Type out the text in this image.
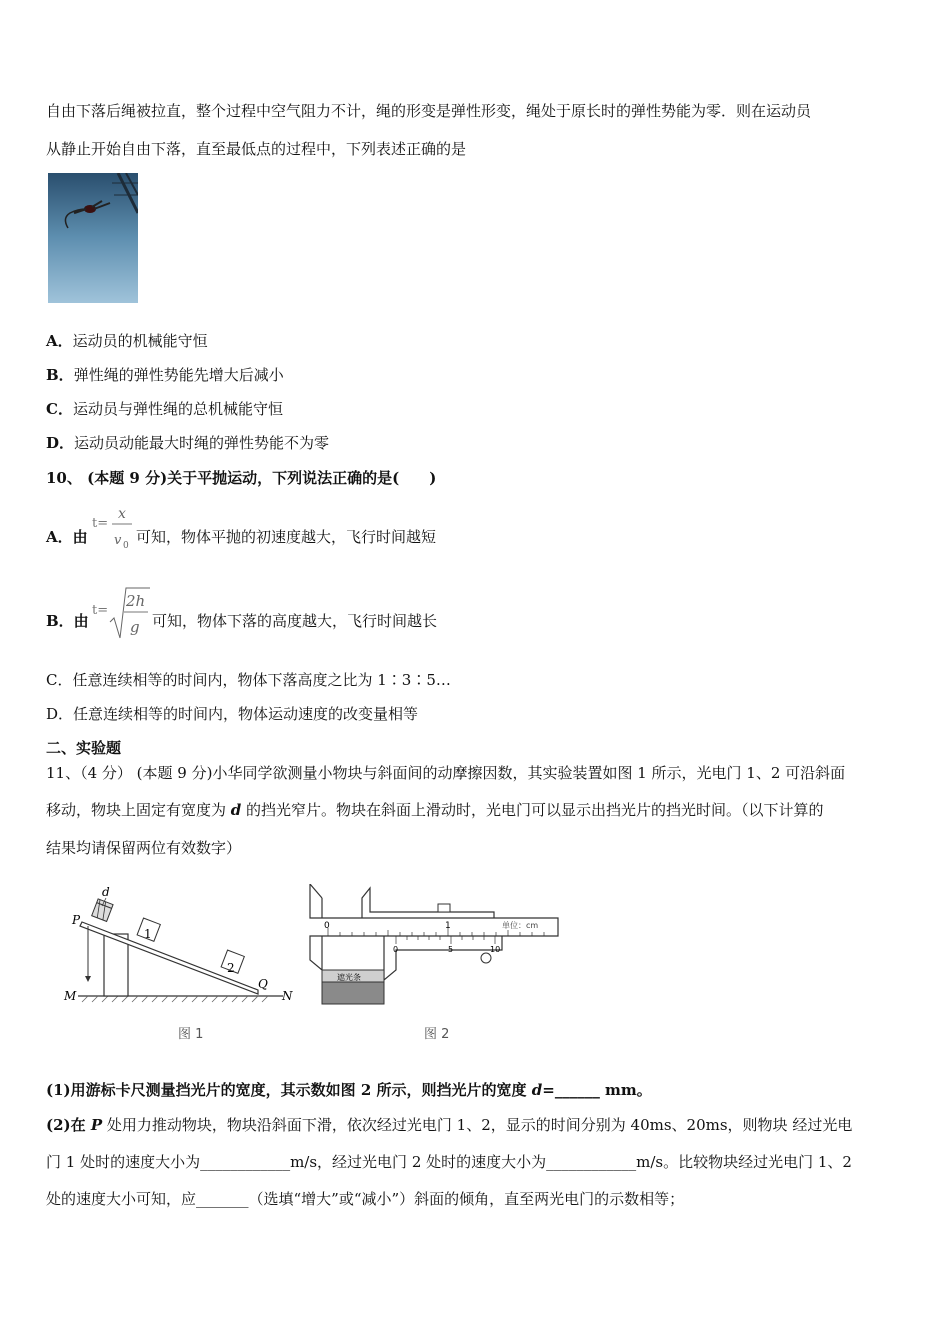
自由下落后绳被拉直，整个过程中空气阻力不计，绳的形变是弹性形变，绳处于原长时的弹性势能为零．则在运动员
从静止开始自由下落，直至最低点的过程中，下列表述正确的是
A．运动员的机械能守恒
B．弹性绳的弹性势能先增大后减小
C．运动员与弹性绳的总机械能守恒
D．运动员动能最大时绳的弹性势能不为零
10、 (本题 9 分)关于平抛运动，下列说法正确的是(　　)
A．由
t=
x
v 0 可知，物体平抛的初速度越大，飞行时间越短
B．由
t=
2h
g 可知，物体下落的高度越大，飞行时间越长
C．任意连续相等的时间内，物体下落高度之比为 1∶3∶5…
D．任意连续相等的时间内，物体运动速度的改变量相等
二、实验题
11、（4 分） (本题 9 分)小华同学欲测量小物块与斜面间的动摩擦因数，其实验装置如图 1 所示，光电门 1、2 可沿斜面
移动，物块上固定有宽度为 d 的挡光窄片。物块在斜面上滑动时，光电门可以显示出挡光片的挡光时间。（以下计算的
结果均请保留两位有效数字）
1
2
d
P
M
Q
N
图 1
0	1	单位：cm
0	5	10
遮光条
图 2
(1)用游标卡尺测量挡光片的宽度，其示数如图 2 所示，则挡光片的宽度 d=______ mm。
(2)在 P 处用力推动物块，物块沿斜面下滑，依次经过光电门 1、2，显示的时间分别为 40ms、20ms，则物块 经过光电
门 1 处时的速度大小为____________m/s，经过光电门 2 处时的速度大小为____________m/s。比较物块经过光电门 1、2
处的速度大小可知，应_______（选填“增大”或“减小”）斜面的倾角，直至两光电门的示数相等；
